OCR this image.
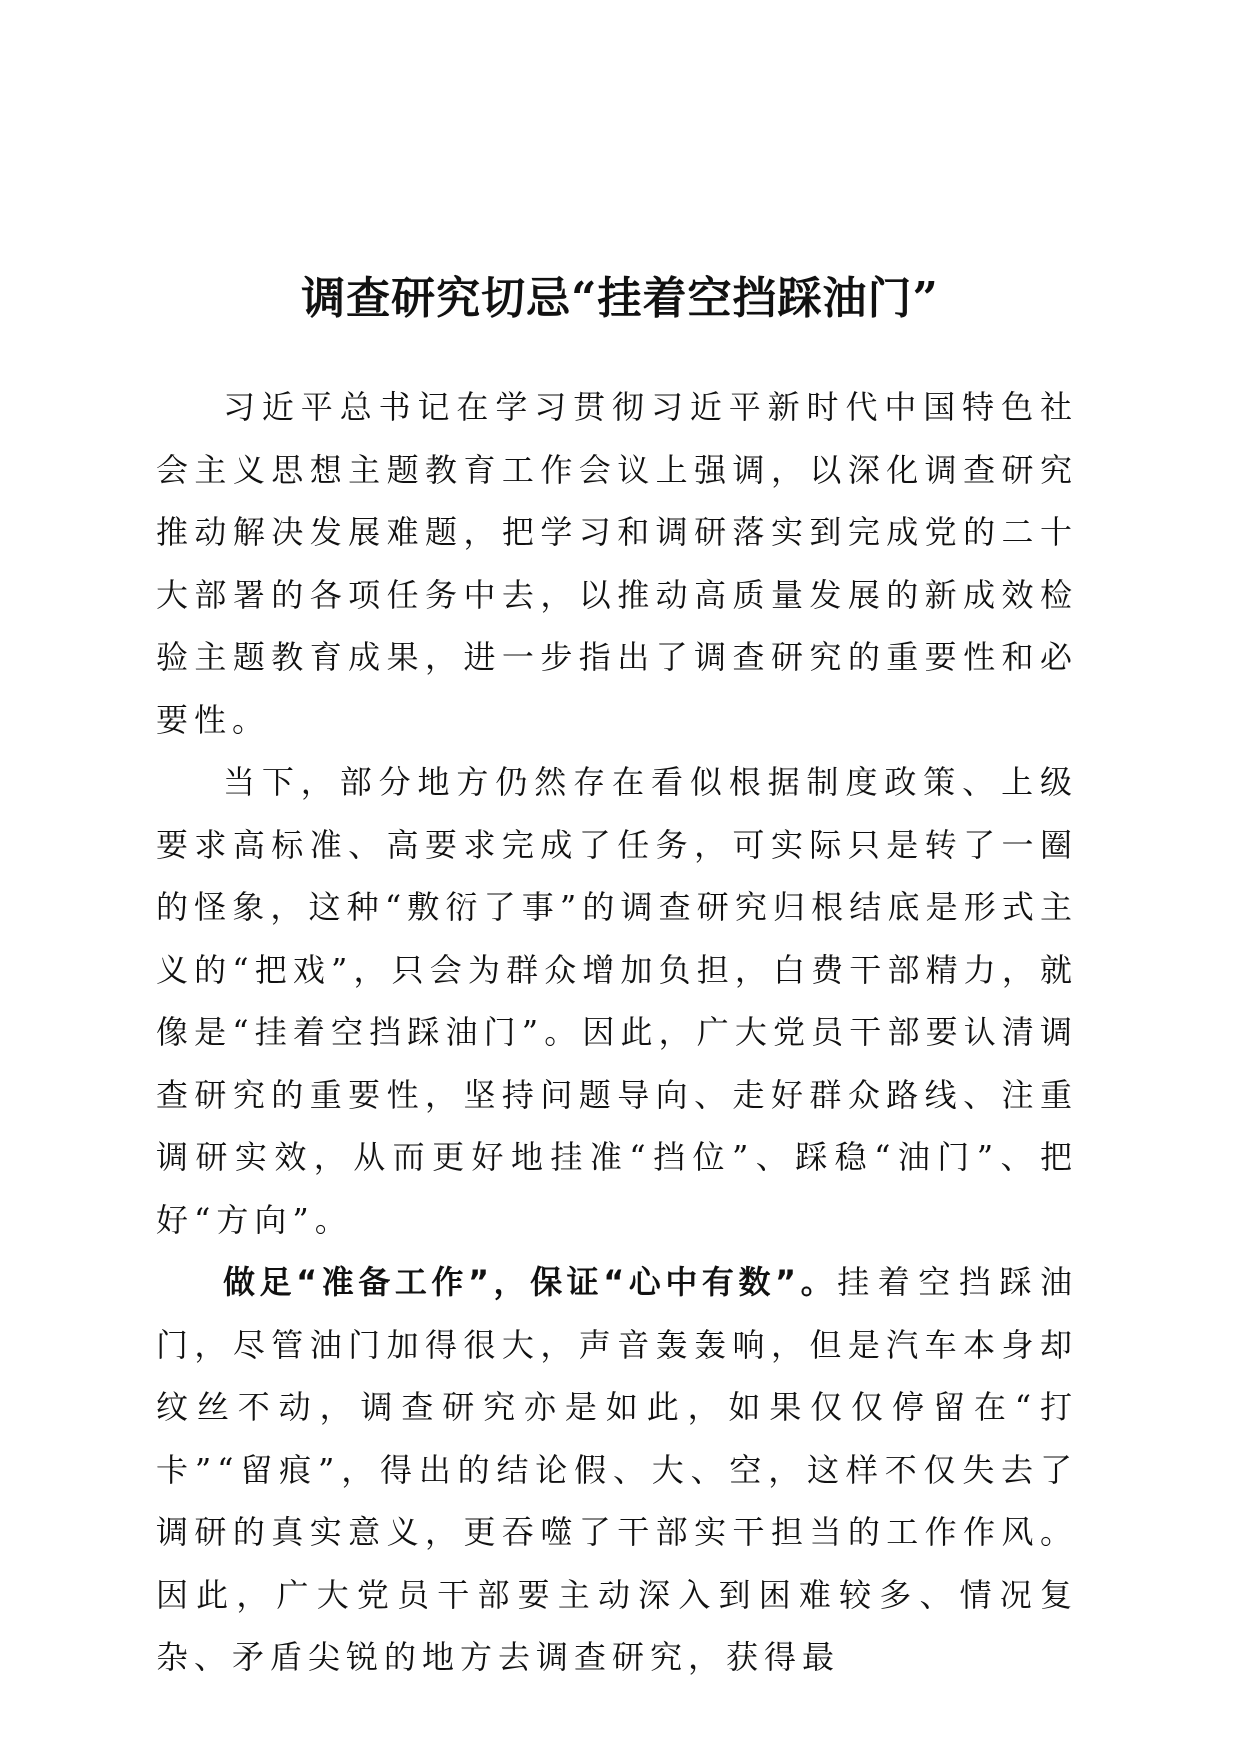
调查研究切忌“挂着空挡踩油门”

习近平总书记在学习贯彻习近平新时代中国特色社会主义思想主题教育工作会议上强调，以深化调查研究推动解决发展难题，把学习和调研落实到完成党的二十大部署的各项任务中去，以推动高质量发展的新成效检验主题教育成果，进一步指出了调查研究的重要性和必要性。

当下，部分地方仍然存在看似根据制度政策、上级要求高标准、高要求完成了任务，可实际只是转了一圈的怪象，这种“敷衍了事”的调查研究归根结底是形式主义的“把戏”，只会为群众增加负担，白费干部精力，就像是“挂着空挡踩油门”。因此，广大党员干部要认清调查研究的重要性，坚持问题导向、走好群众路线、注重调研实效，从而更好地挂准“挡位”、踩稳“油门”、把好“方向”。

做足“准备工作”，保证“心中有数”。挂着空挡踩油门，尽管油门加得很大，声音轰轰响，但是汽车本身却纹丝不动，调查研究亦是如此，如果仅仅停留在“打卡”“留痕”，得出的结论假、大、空，这样不仅失去了调研的真实意义，更吞噬了干部实干担当的工作作风。因此，广大党员干部要主动深入到困难较多、情况复杂、矛盾尖锐的地方去调查研究，获得最
